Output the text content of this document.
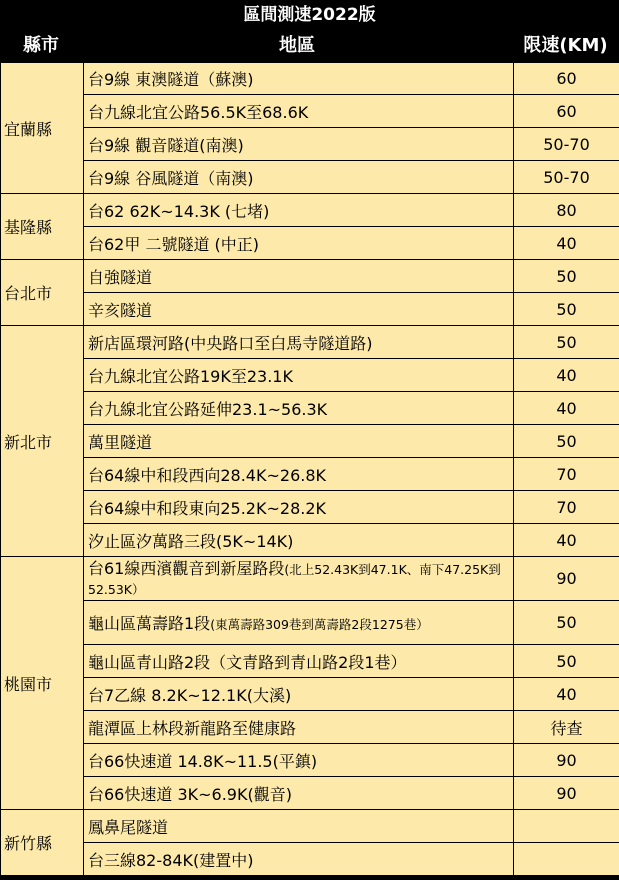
區間測速2022版
縣市	地區	限速(KM)
宜蘭縣	台9線 東澳隧道（蘇澳)	60
	台九線北宜公路56.5K至68.6K	60
	台9線 觀音隧道(南澳)	50-70
	台9線 谷風隧道（南澳)	50-70
基隆縣	台62 62K~14.3K (七堵)	80
	台62甲 二號隧道 (中正)	40
台北市	自強隧道	50
	辛亥隧道	50
新北市	新店區環河路(中央路口至白馬寺隧道路)	50
	台九線北宜公路19K至23.1K	40
	台九線北宜公路延伸23.1~56.3K	40
	萬里隧道	50
	台64線中和段西向28.4K~26.8K	70
	台64線中和段東向25.2K~28.2K	70
	汐止區汐萬路三段(5K~14K)	40
桃園市	台61線西濱觀音到新屋路段(北上52.43K到47.1K、南下47.25K到52.53K）	90
	龜山區萬壽路1段(東萬壽路309巷到萬壽路2段1275巷）	50
	龜山區青山路2段（文青路到青山路2段1巷）	50
	台7乙線 8.2K~12.1K(大溪)	40
	龍潭區上林段新龍路至健康路	待查
	台66快速道 14.8K~11.5(平鎮)	90
	台66快速道 3K~6.9K(觀音)	90
新竹縣	鳳鼻尾隧道	
	台三線82-84K(建置中)	
